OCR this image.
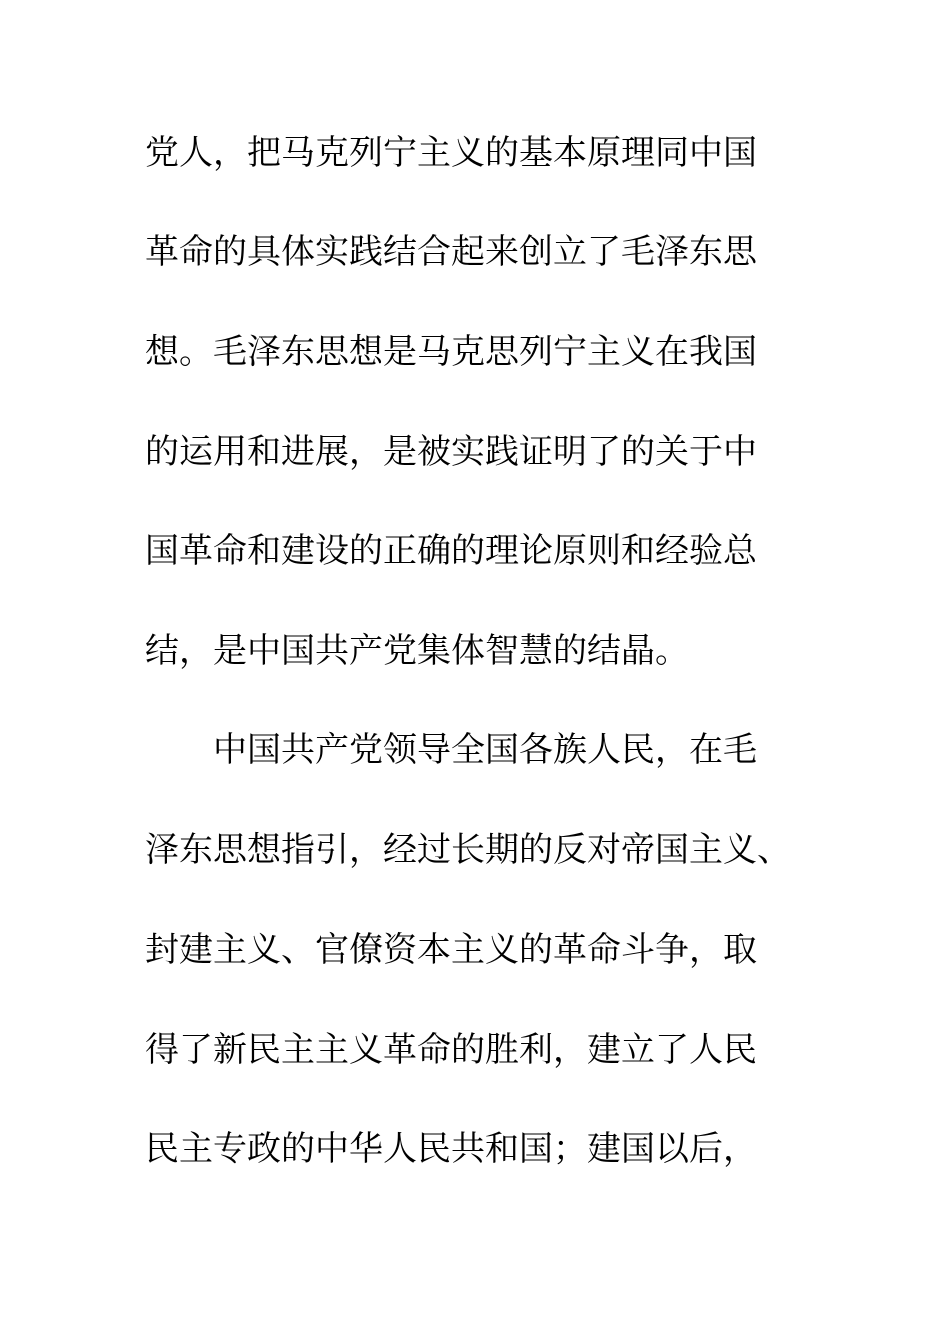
党人，把马克列宁主义的基本原理同中国
革命的具体实践结合起来创立了毛泽东思
想。毛泽东思想是马克思列宁主义在我国
的运用和进展，是被实践证明了的关于中
国革命和建设的正确的理论原则和经验总
结，是中国共产党集体智慧的结晶。
中国共产党领导全国各族人民，在毛
泽东思想指引，经过长期的反对帝国主义、
封建主义、官僚资本主义的革命斗争，取
得了新民主主义革命的胜利，建立了人民
民主专政的中华人民共和国；建国以后，
